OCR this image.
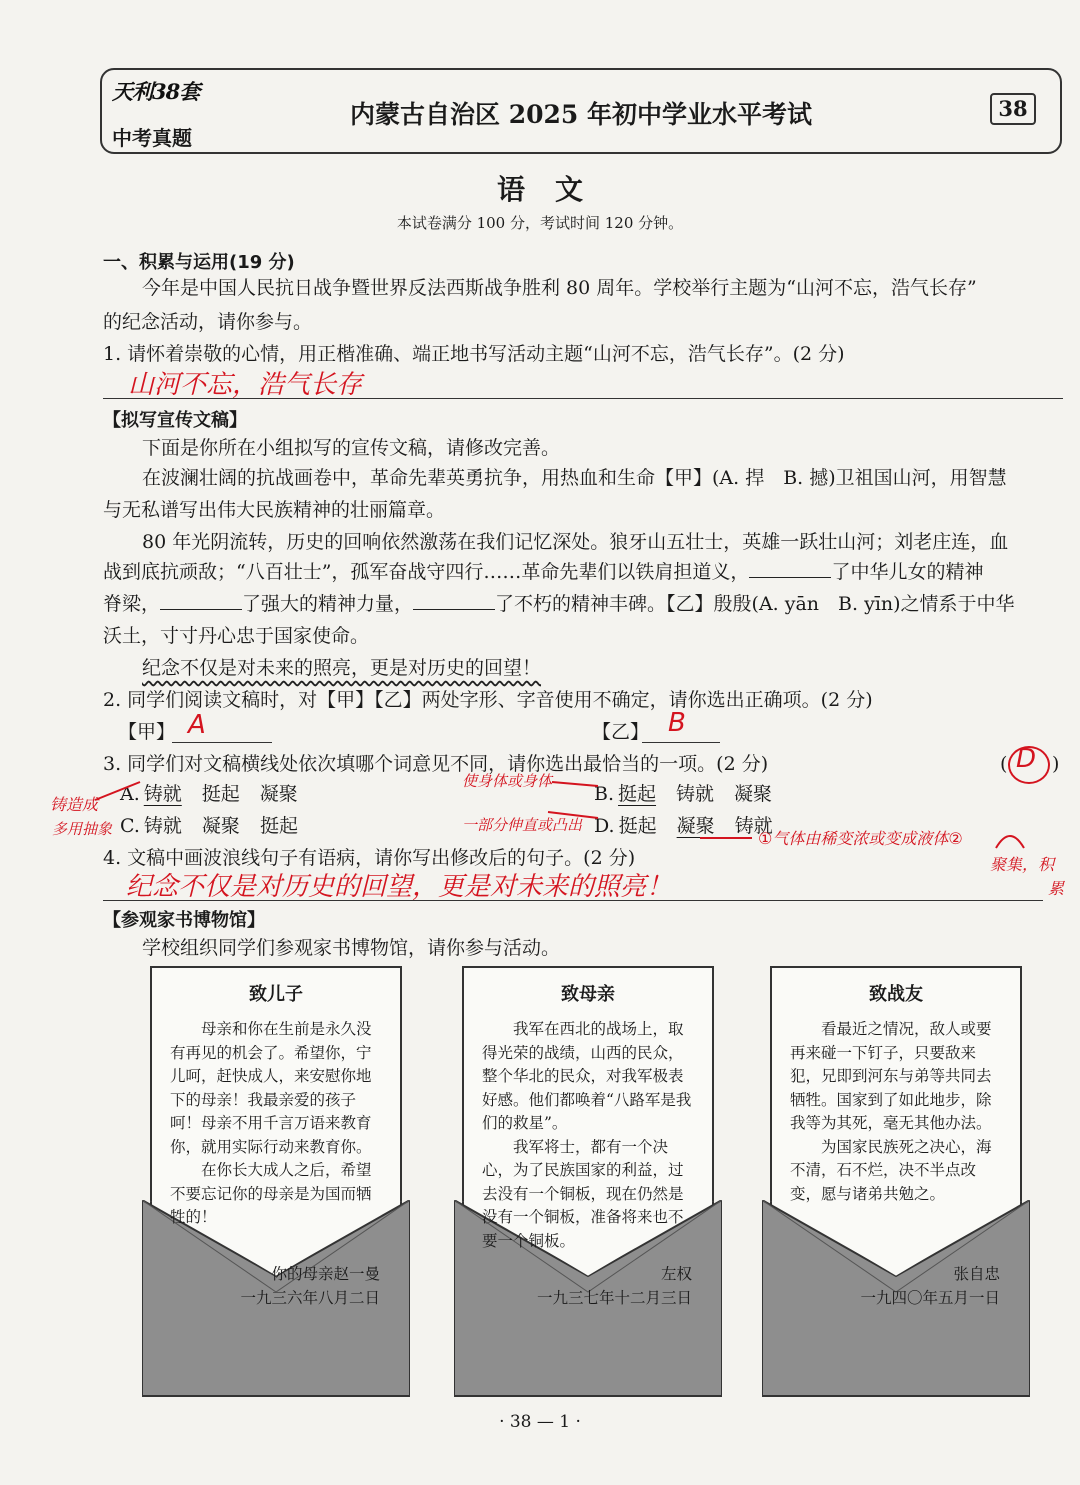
天利38套
中考真题
内蒙古自治区 2025 年初中学业水平考试	38
语文
本试卷满分 100 分，考试时间 120 分钟。
一、积累与运用(19 分)
今年是中国人民抗日战争暨世界反法西斯战争胜利 80 周年。学校举行主题为“山河不忘，浩气长存”
的纪念活动，请你参与。
1. 请怀着崇敬的心情，用正楷准确、端正地书写活动主题“山河不忘，浩气长存”。(2 分)
山河不忘，浩气长存
【拟写宣传文稿】
下面是你所在小组拟写的宣传文稿，请修改完善。
在波澜壮阔的抗战画卷中，革命先辈英勇抗争，用热血和生命【甲】(A. 捍　B. 撼)卫祖国山河，用智慧
与无私谱写出伟大民族精神的壮丽篇章。
80 年光阴流转，历史的回响依然激荡在我们记忆深处。狼牙山五壮士，英雄一跃壮山河；刘老庄连，血
战到底抗顽敌；“八百壮士”，孤军奋战守四行……革命先辈们以铁肩担道义，	了中华儿女的精神
脊梁，	了强大的精神力量，	了不朽的精神丰碑。【乙】殷殷(A. yān　B. yīn)之情系于中华
沃土，寸寸丹心忠于国家使命。
纪念不仅是对未来的照亮，更是对历史的回望！
2. 同学们阅读文稿时，对【甲】【乙】两处字形、字音使用不确定，请你选出正确项。(2 分)
【甲】 A	【乙】 B
3. 同学们对文稿横线处依次填哪个词意见不同，请你选出最恰当的一项。(2 分)	( D )
A. 铸就 挺起 凝聚	B. 挺起 铸就 凝聚
C. 铸就 凝聚 挺起	D. 挺起 凝聚 铸就
铸造成
多用抽象
使身体或身体
一部分伸直或凸出
①气体由稀变浓或变成液体②
聚集，积
累
4. 文稿中画波浪线句子有语病，请你写出修改后的句子。(2 分)
纪念不仅是对历史的回望，更是对未来的照亮！
【参观家书博物馆】
学校组织同学们参观家书博物馆，请你参与活动。
致儿子

母亲和你在生前是永久没有再见的机会了。希望你，宁儿呵，赶快成人，来安慰你地下的母亲！我最亲爱的孩子呵！母亲不用千言万语来教育你，就用实际行动来教育你。

在你长大成人之后，希望不要忘记你的母亲是为国而牺牲的！

你的母亲赵一曼
一九三六年八月二日
致母亲

我军在西北的战场上，取得光荣的战绩，山西的民众，整个华北的民众，对我军极表好感。他们都唤着“八路军是我们的救星”。

我军将士，都有一个决心，为了民族国家的利益，过去没有一个铜板，现在仍然是没有一个铜板，准备将来也不要一个铜板。

左权
一九三七年十二月三日
致战友

看最近之情况，敌人或要再来碰一下钉子，只要敌来犯，兄即到河东与弟等共同去牺牲。国家到了如此地步，除我等为其死，毫无其他办法。

为国家民族死之决心，海不清，石不烂，决不半点改变，愿与诸弟共勉之。

张自忠
一九四〇年五月一日
· 38 — 1 ·
